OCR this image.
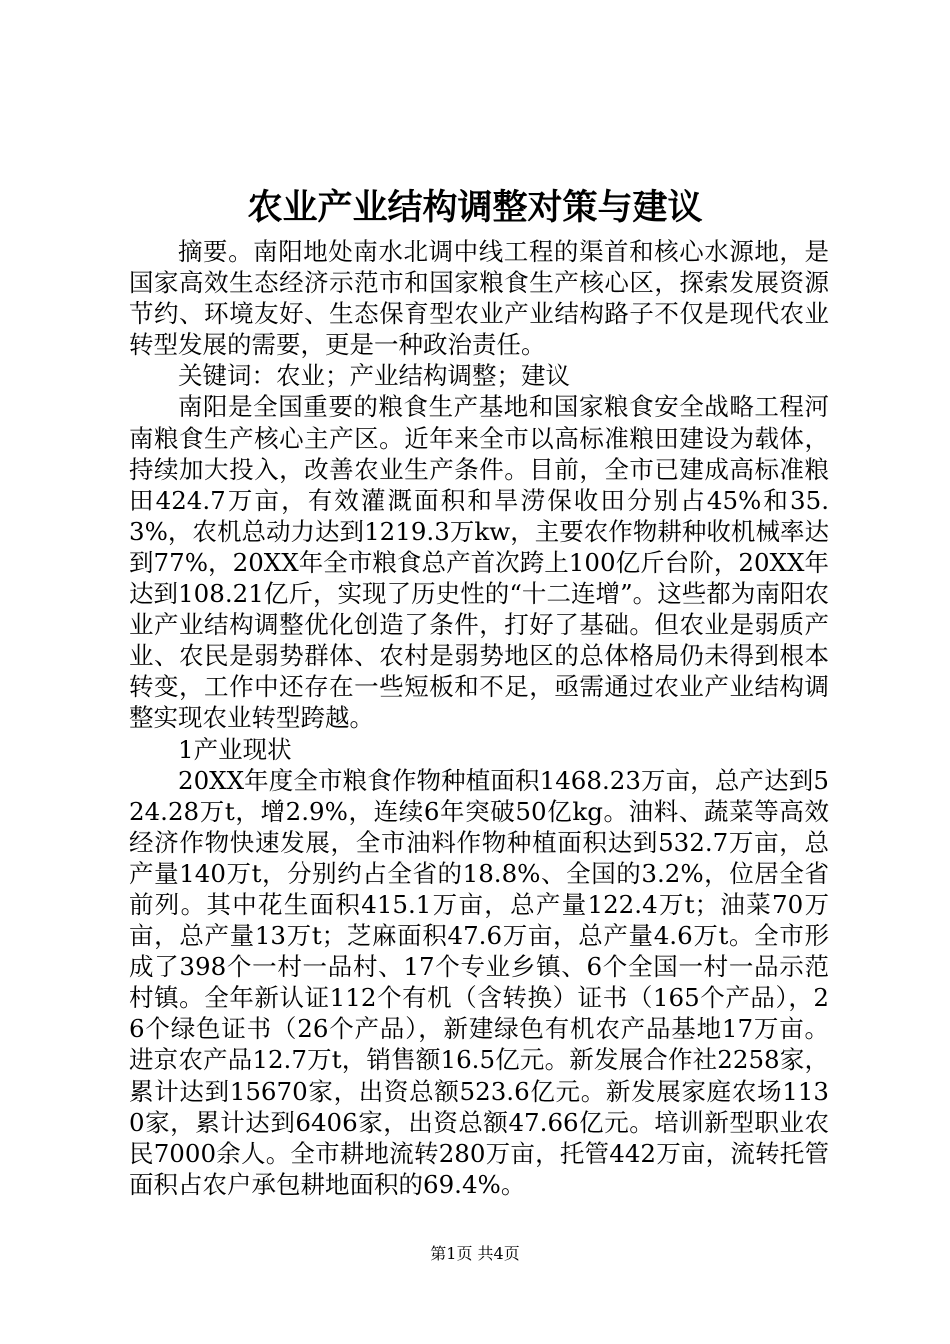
农业产业结构调整对策与建议

摘要。南阳地处南水北调中线工程的渠首和核心水源地，是国家高效生态经济示范市和国家粮食生产核心区，探索发展资源节约、环境友好、生态保育型农业产业结构路子不仅是现代农业转型发展的需要，更是一种政治责任。

关键词：农业；产业结构调整；建议

南阳是全国重要的粮食生产基地和国家粮食安全战略工程河南粮食生产核心主产区。近年来全市以高标准粮田建设为载体，持续加大投入，改善农业生产条件。目前，全市已建成高标准粮田424.7万亩，有效灌溉面积和旱涝保收田分别占45%和35.3%，农机总动力达到1219.3万kw，主要农作物耕种收机械率达到77%，20XX年全市粮食总产首次跨上100亿斤台阶，20XX年达到108.21亿斤，实现了历史性的“十二连增”。这些都为南阳农业产业结构调整优化创造了条件，打好了基础。但农业是弱质产业、农民是弱势群体、农村是弱势地区的总体格局仍未得到根本转变，工作中还存在一些短板和不足，亟需通过农业产业结构调整实现农业转型跨越。

1产业现状

20XX年度全市粮食作物种植面积1468.23万亩，总产达到524.28万t，增2.9%，连续6年突破50亿kg。油料、蔬菜等高效经济作物快速发展，全市油料作物种植面积达到532.7万亩，总产量140万t，分别约占全省的18.8%、全国的3.2%，位居全省前列。其中花生面积415.1万亩，总产量122.4万t；油菜70万亩，总产量13万t；芝麻面积47.6万亩，总产量4.6万t。全市形成了398个一村一品村、17个专业乡镇、6个全国一村一品示范村镇。全年新认证112个有机（含转换）证书（165个产品），26个绿色证书（26个产品），新建绿色有机农产品基地17万亩。进京农产品12.7万t，销售额16.5亿元。新发展合作社2258家，累计达到15670家，出资总额523.6亿元。新发展家庭农场1130家，累计达到6406家，出资总额47.66亿元。培训新型职业农民7000余人。全市耕地流转280万亩，托管442万亩，流转托管面积占农户承包耕地面积的69.4%。

第1页 共4页
